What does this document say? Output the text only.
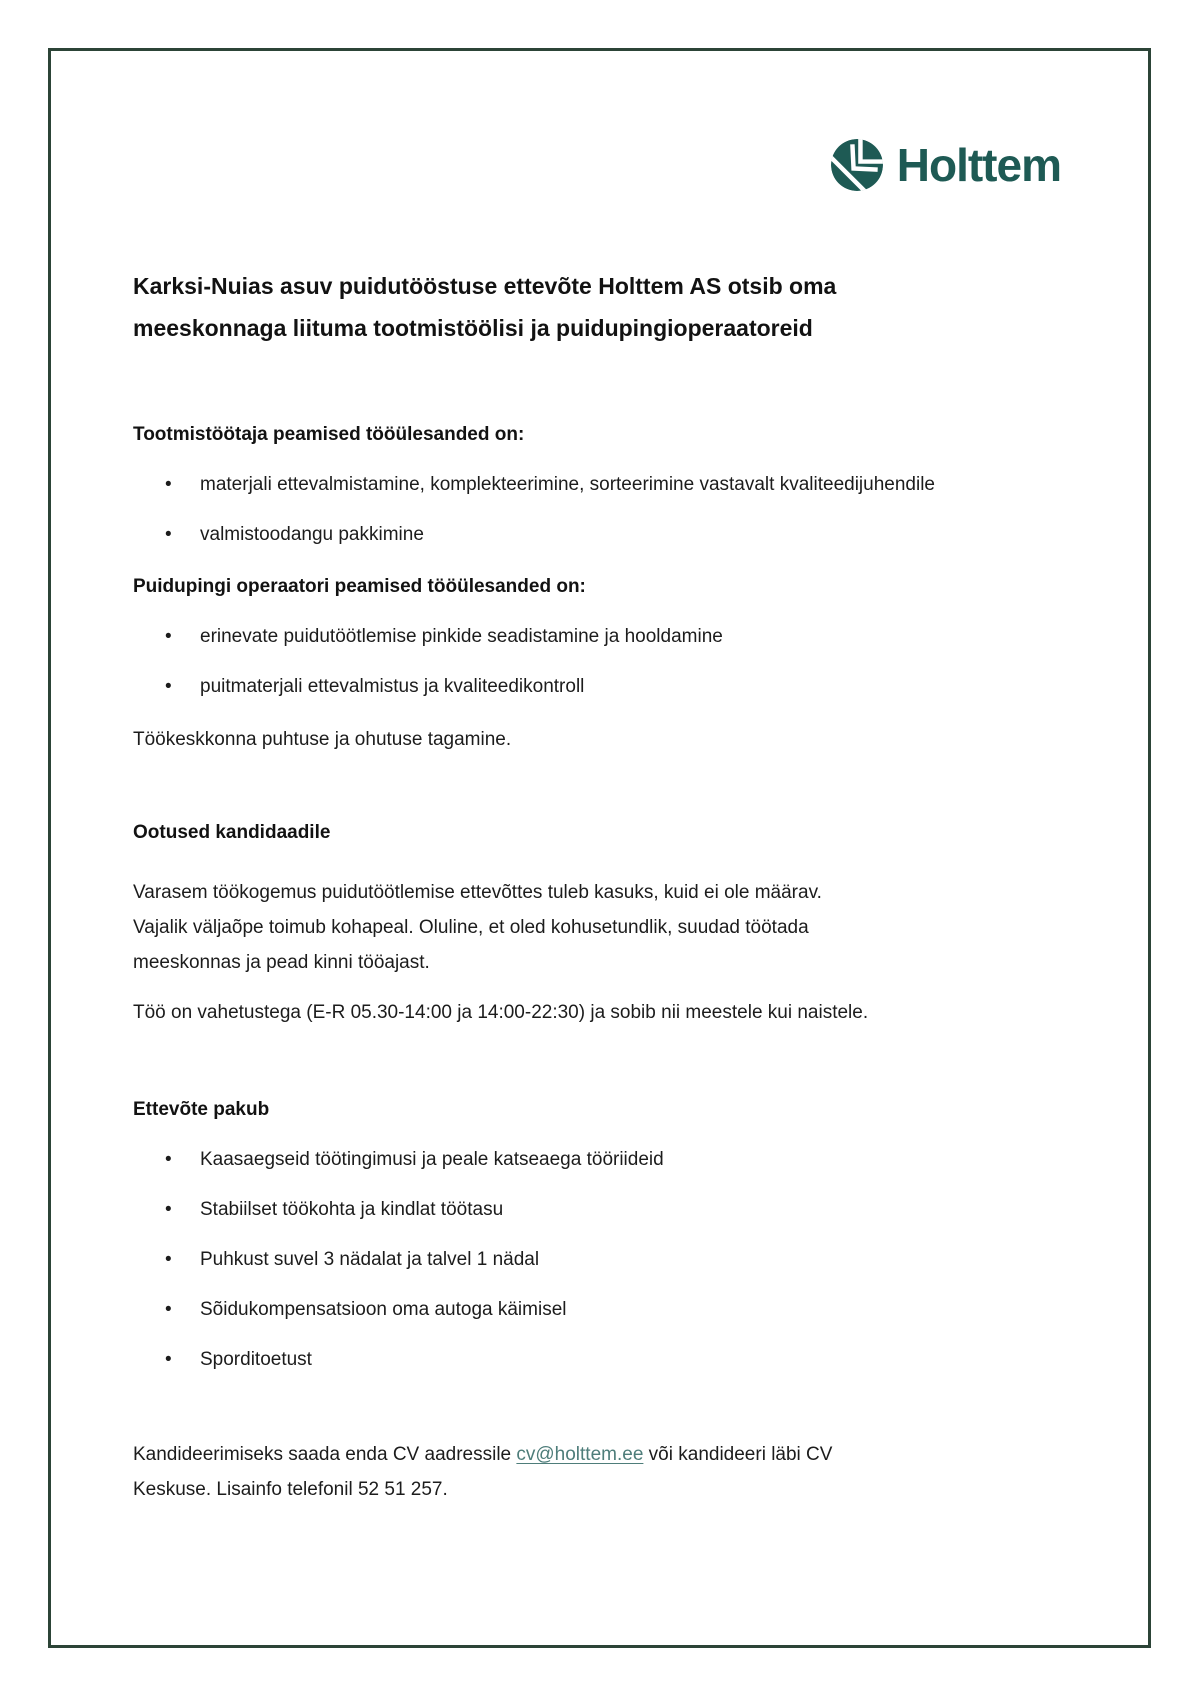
Holttem
Karksi-Nuias asuv puidutööstuse ettevõte Holttem AS otsib oma
meeskonnaga liituma tootmistöölisi ja puidupingioperaatoreid
Tootmistöötaja peamised tööülesanded on:
• materjali ettevalmistamine, komplekteerimine, sorteerimine vastavalt kvaliteedijuhendile
• valmistoodangu pakkimine
Puidupingi operaatori peamised tööülesanded on:
• erinevate puidutöötlemise pinkide seadistamine ja hooldamine
• puitmaterjali ettevalmistus ja kvaliteedikontroll

Töökeskkonna puhtuse ja ohutuse tagamine.

Ootused kandidaadile

Varasem töökogemus puidutöötlemise ettevõttes tuleb kasuks, kuid ei ole määrav.
Vajalik väljaõpe toimub kohapeal. Oluline, et oled kohusetundlik, suudad töötada
meeskonnas ja pead kinni tööajast.

Töö on vahetustega (E-R 05.30-14:00 ja 14:00-22:30) ja sobib nii meestele kui naistele.

Ettevõte pakub
• Kaasaegseid töötingimusi ja peale katseaega tööriideid
• Stabiilset töökohta ja kindlat töötasu
• Puhkust suvel 3 nädalat ja talvel 1 nädal
• Sõidukompensatsioon oma autoga käimisel
• Sporditoetust
Kandideerimiseks saada enda CV aadressile cv@holttem.ee või kandideeri läbi CV
Keskuse. Lisainfo telefonil 52 51 257.
